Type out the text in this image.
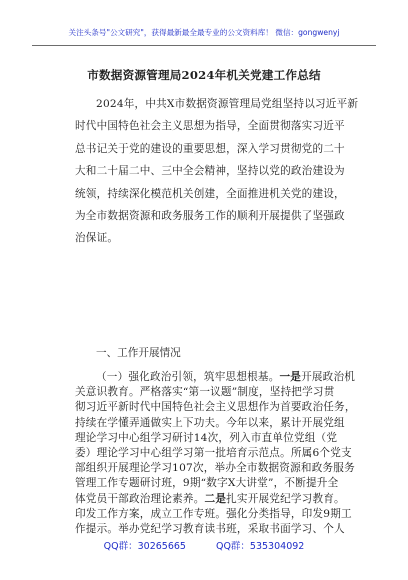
关注头条号"公文研究"，获得最新最全最专业的公文资料库！ 微信：gongwenyj
市数据资源管理局2024年机关党建工作总结
2024年，中共X市数据资源管理局党组坚持以习近平新
时代中国特色社会主义思想为指导，全面贯彻落实习近平
总书记关于党的建设的重要思想，深入学习贯彻党的二十
大和二十届二中、三中全会精神，坚持以党的政治建设为
统领，持续深化模范机关创建，全面推进机关党的建设，
为全市数据资源和政务服务工作的顺利开展提供了坚强政
治保证。
一、工作开展情况
（一）强化政治引领，筑牢思想根基。一是开展政治机
关意识教育。严格落实“第一议题”制度，坚持把学习贯
彻习近平新时代中国特色社会主义思想作为首要政治任务，
持续在学懂弄通做实上下功夫。今年以来，累计开展党组
理论学习中心组学习研讨14次，列入市直单位党组（党
委）理论学习中心组学习第一批培育示范点。所属6个党支
部组织开展理论学习107次，举办全市数据资源和政务服务
管理工作专题研讨班，9期“数字X大讲堂”，不断提升全
体党员干部政治理论素养。二是扎实开展党纪学习教育。
印发工作方案，成立工作专班。强化分类指导，印发9期工
作提示。举办党纪学习教育读书班，采取书面学习、个人
QQ群：30265665	QQ群：535304092
